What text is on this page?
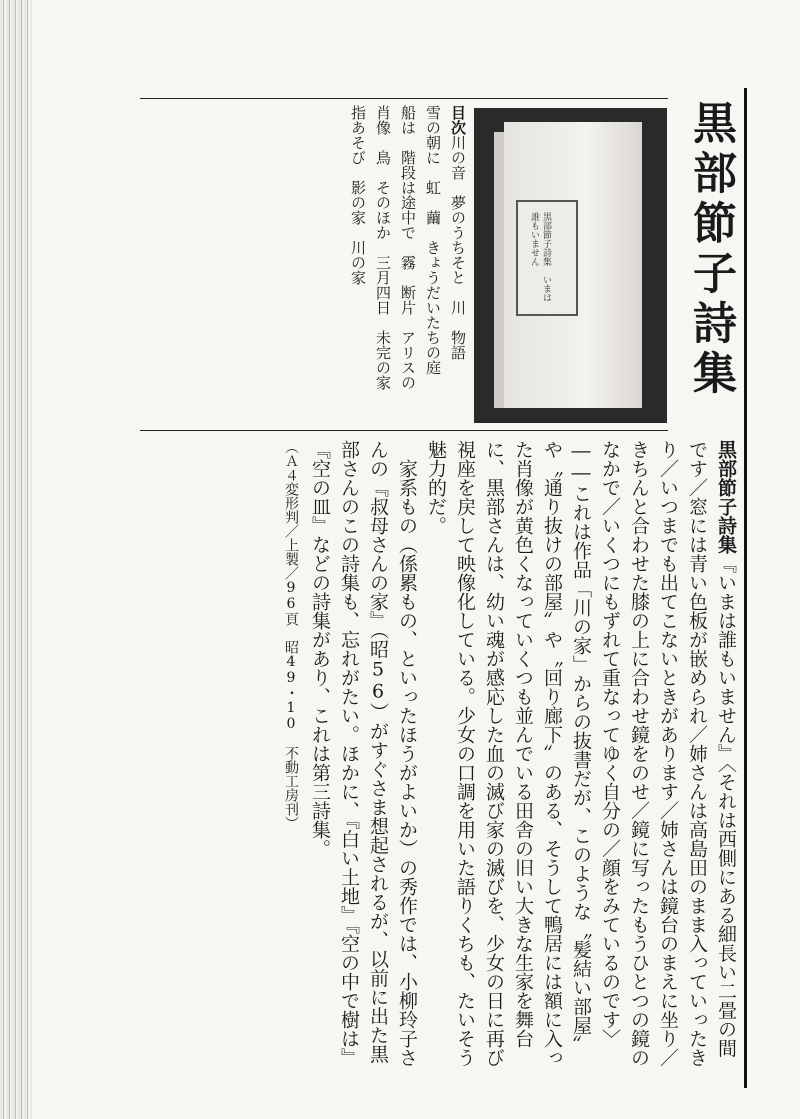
黒部節子詩集
黒部節子詩集　いまは誰もいません
目次川の音　夢のうちそと　川　物語
雪の朝に　虹　繭　きょうだいたちの庭
船は　階段は途中で　霧　断片　アリスの
肖像　鳥　そのほか　三月四日　未完の家
指あそび　影の家　川の家
黒部節子詩集『いまは誰もいません』〈それは西側にある細長い二畳の間です／窓には青い色板が嵌められ／姉さんは高島田のまま入っていったきり／いつまでも出てこないときがあります／姉さんは鏡台のまえに坐り／きちんと合わせた膝の上に合わせ鏡をのせ／鏡に写ったもうひとつの鏡のなかで／いくつにもずれて重なってゆく自分の／顔をみているのです〉――これは作品「川の家」からの抜書だが、このような〝髪結い部屋〟や〝通り抜けの部屋〟や〝回り廊下〟のある、そうして鴨居には額に入った肖像が黄色くなっていくつも並んでいる田舎の旧い大きな生家を舞台に、黒部さんは、幼い魂が感応した血の滅び家の滅びを、少女の日に再び視座を戻して映像化している。少女の口調を用いた語りくちも、たいそう魅力的だ。
　家系もの（係累もの、といったほうがよいか）の秀作では、小柳玲子さんの『叔母さんの家』（昭56）がすぐさま想起されるが、以前に出た黒部さんのこの詩集も、忘れがたい。ほかに、『白い土地』『空の中で樹は』『空の皿』などの詩集があり、これは第三詩集。
（Ａ４変形判／上製／96頁　昭49・10　不動工房刊）
